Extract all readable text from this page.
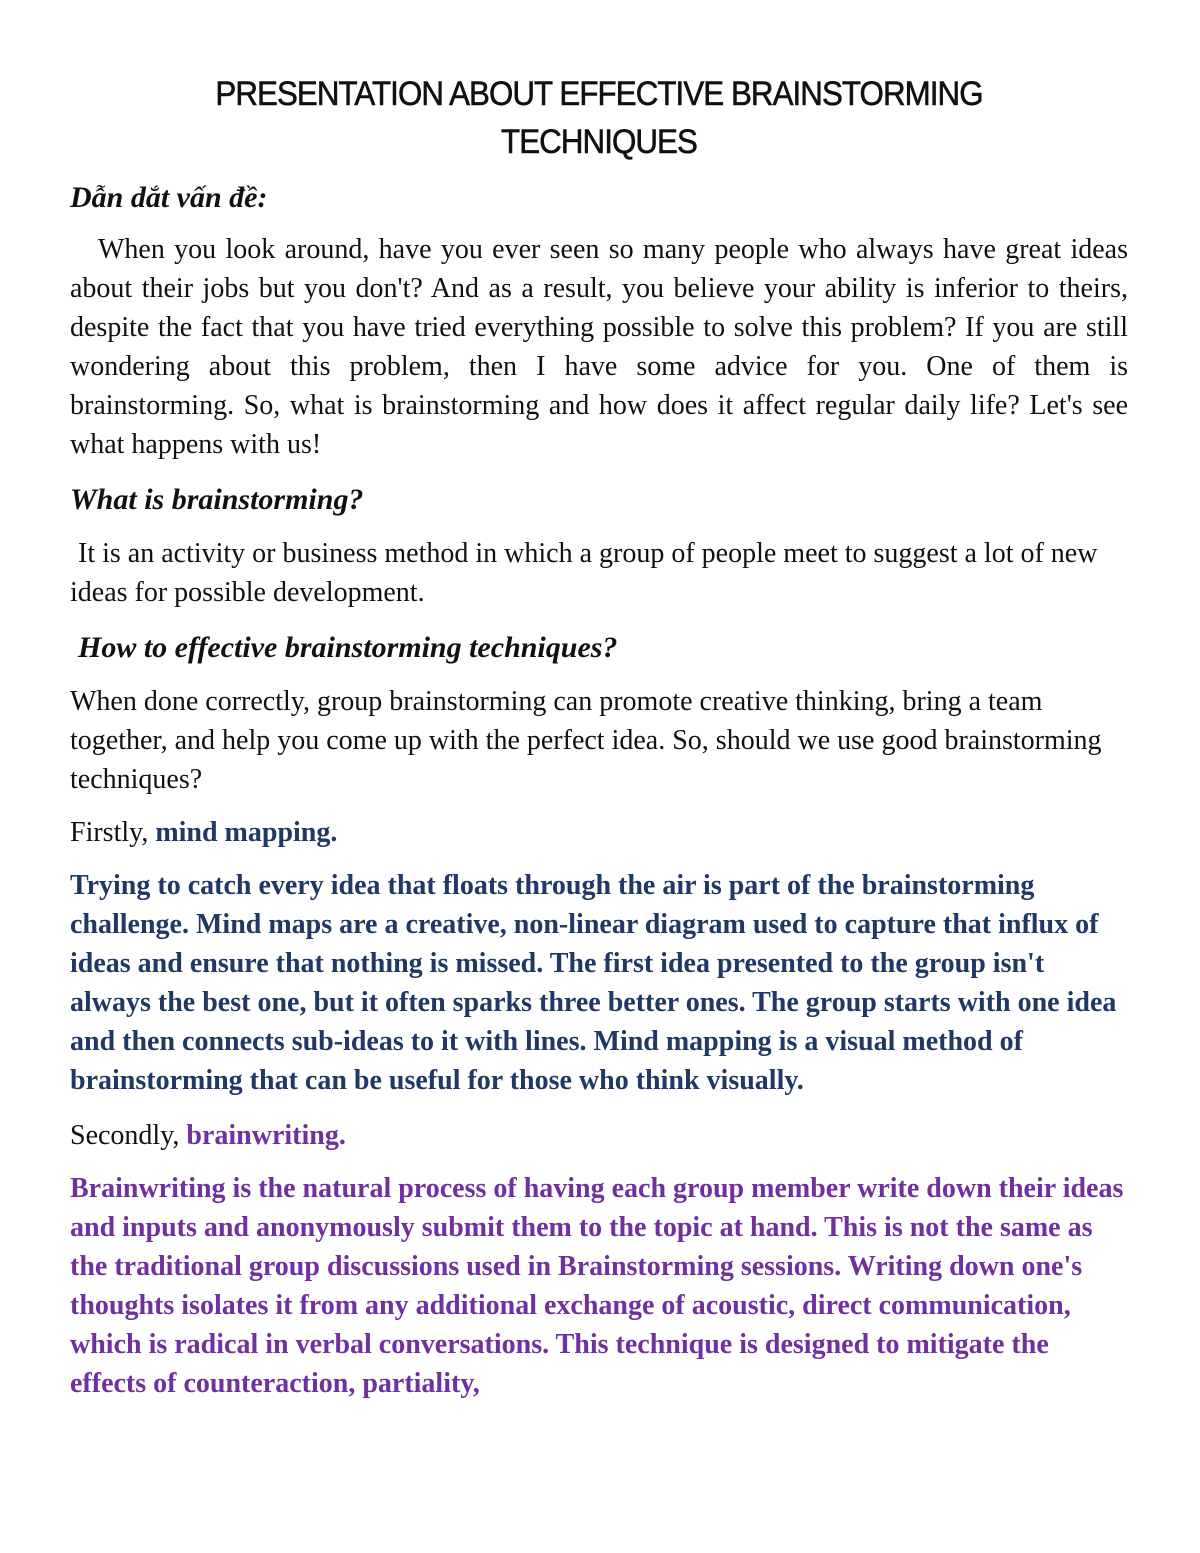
PRESENTATION ABOUT EFFECTIVE BRAINSTORMING
TECHNIQUES
Dẫn dắt vấn đề:

When you look around, have you ever seen so many people who always have great ideas about their jobs but you don't? And as a result, you believe your ability is inferior to theirs, despite the fact that you have tried everything possible to solve this problem? If you are still wondering about this problem, then I have some advice for you. One of them is brainstorming. So, what is brainstorming and how does it affect regular daily life? Let's see what happens with us!

What is brainstorming?

It is an activity or business method in which a group of people meet to suggest a lot of new ideas for possible development.

How to effective brainstorming techniques?

When done correctly, group brainstorming can promote creative thinking, bring a team together, and help you come up with the perfect idea. So, should we use good brainstorming techniques?

Firstly, mind mapping.

Trying to catch every idea that floats through the air is part of the brainstorming challenge. Mind maps are a creative, non-linear diagram used to capture that influx of ideas and ensure that nothing is missed. The first idea presented to the group isn't always the best one, but it often sparks three better ones. The group starts with one idea and then connects sub-ideas to it with lines. Mind mapping is a visual method of brainstorming that can be useful for those who think visually.

Secondly, brainwriting.

Brainwriting is the natural process of having each group member write down their ideas and inputs and anonymously submit them to the topic at hand. This is not the same as the traditional group discussions used in Brainstorming sessions. Writing down one's thoughts isolates it from any additional exchange of acoustic, direct communication, which is radical in verbal conversations. This technique is designed to mitigate the effects of counteraction, partiality,
